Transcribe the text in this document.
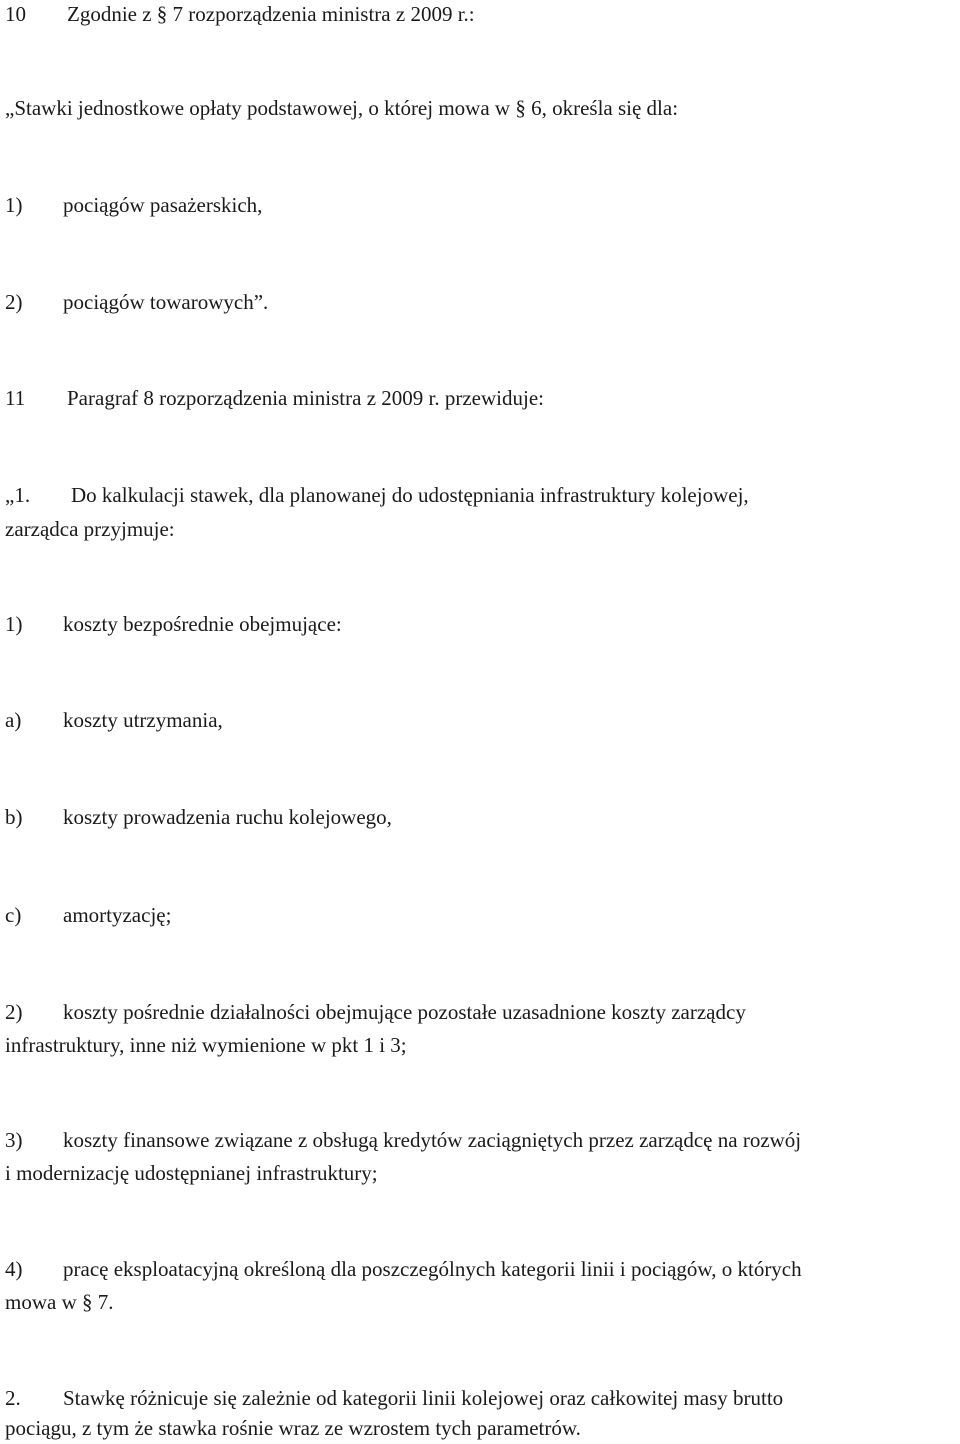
10 Zgodnie z § 7 rozporządzenia ministra z 2009 r.:
„Stawki jednostkowe opłaty podstawowej, o której mowa w § 6, określa się dla:
1) pociągów pasażerskich,
2) pociągów towarowych”.
11 Paragraf 8 rozporządzenia ministra z 2009 r. przewiduje:
„1. Do kalkulacji stawek, dla planowanej do udostępniania infrastruktury kolejowej,
zarządca przyjmuje:
1) koszty bezpośrednie obejmujące:
a) koszty utrzymania,
b) koszty prowadzenia ruchu kolejowego,
c) amortyzację;
2) koszty pośrednie działalności obejmujące pozostałe uzasadnione koszty zarządcy
infrastruktury, inne niż wymienione w pkt 1 i 3;
3) koszty finansowe związane z obsługą kredytów zaciągniętych przez zarządcę na rozwój
i modernizację udostępnianej infrastruktury;
4) pracę eksploatacyjną określoną dla poszczególnych kategorii linii i pociągów, o których
mowa w § 7.
2. Stawkę różnicuje się zależnie od kategorii linii kolejowej oraz całkowitej masy brutto
pociągu, z tym że stawka rośnie wraz ze wzrostem tych parametrów.
